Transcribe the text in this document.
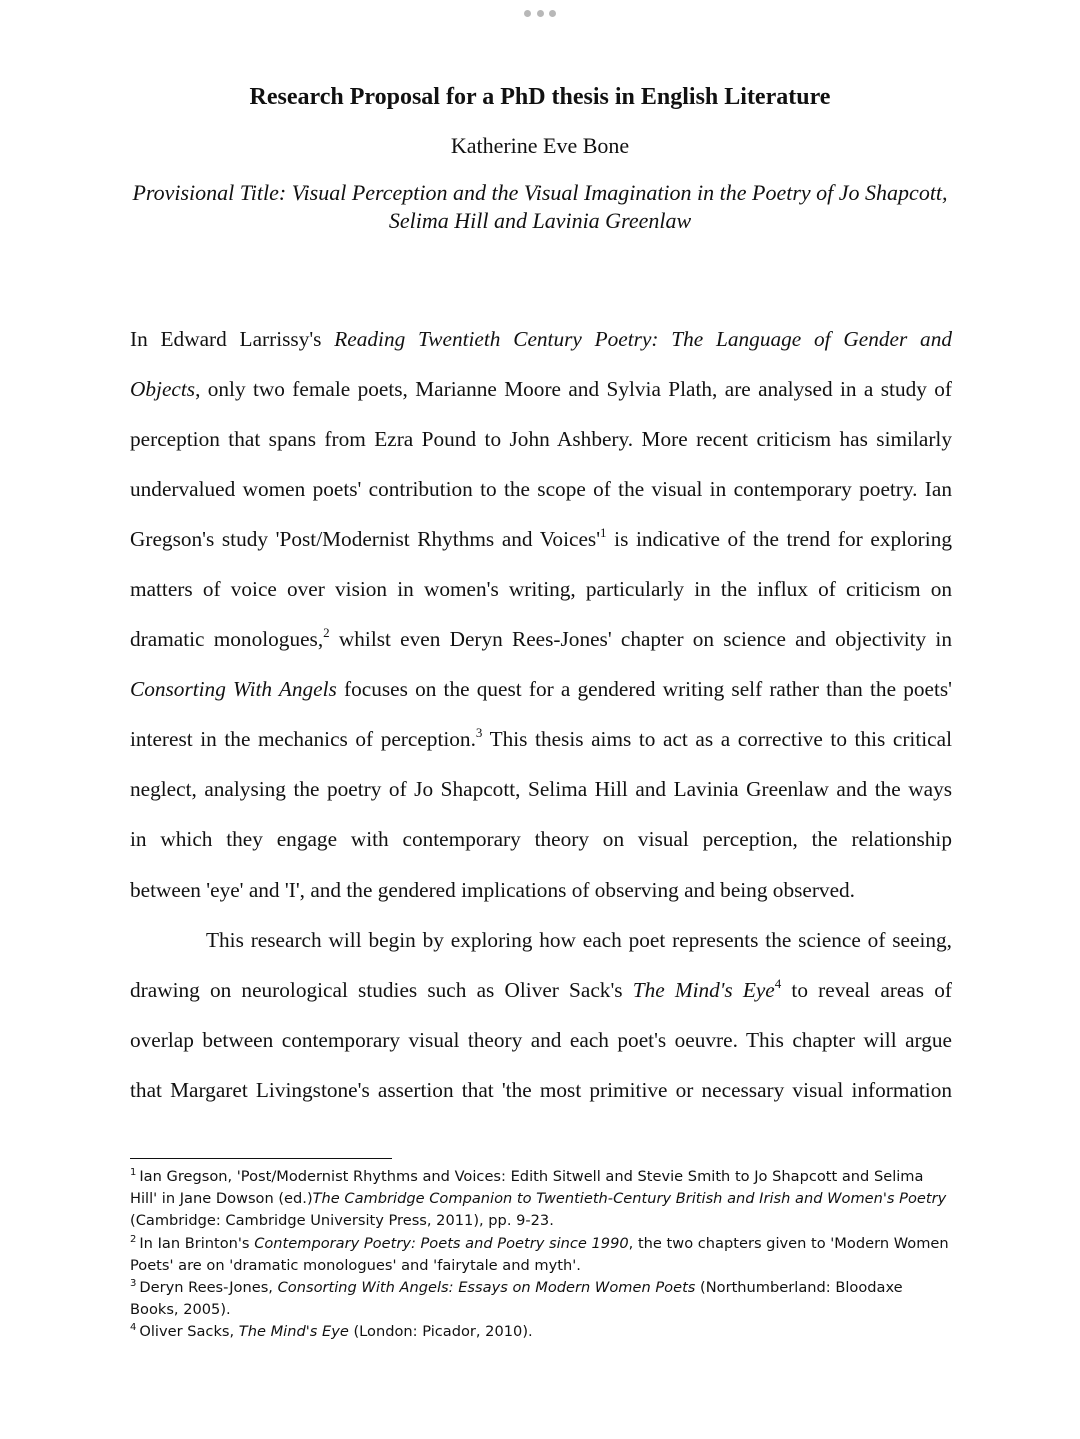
Research Proposal for a PhD thesis in English Literature
Katherine Eve Bone
Provisional Title: Visual Perception and the Visual Imagination in the Poetry of Jo Shapcott,
Selima Hill and Lavinia Greenlaw
In Edward Larrissy's Reading Twentieth Century Poetry: The Language of Gender and
Objects, only two female poets, Marianne Moore and Sylvia Plath, are analysed in a study of
perception that spans from Ezra Pound to John Ashbery. More recent criticism has similarly
undervalued women poets' contribution to the scope of the visual in contemporary poetry. Ian
Gregson's study 'Post/Modernist Rhythms and $Voices'^1$ is indicative of the trend for exploring
matters of voice over vision in women's writing, particularly in the influx of criticism on
dramatic monologues,$^2$ whilst even Deryn Rees-Jones' chapter on science and objectivity in
Consorting With Angels focuses on the quest for a gendered writing self rather than the poets'
interest in the mechanics of perception.$^3$ This thesis aims to act as a corrective to this critical
neglect, analysing the poetry of Jo Shapcott, Selima Hill and Lavinia Greenlaw and the ways
in which they engage with contemporary theory on visual perception, the relationship
between 'eye' and 'I', and the gendered implications of observing and being observed.
This research will begin by exploring how each poet represents the science of seeing,
drawing on neurological studies such as Oliver Sack's The Mind's Eye$^4$ to reveal areas of
overlap between contemporary visual theory and each poet's oeuvre. This chapter will argue
that Margaret Livingstone's assertion that 'the most primitive or necessary visual information

$^1$ Ian Gregson, 'Post/Modernist Rhythms and Voices: Edith Sitwell and Stevie Smith to Jo Shapcott and Selima Hill' in Jane Dowson (ed.)The Cambridge Companion to Twentieth-Century British and Irish and Women's Poetry (Cambridge: Cambridge University Press, 2011), pp. 9-23.

$^2$ In Ian Brinton's Contemporary Poetry: Poets and Poetry since 1990, the two chapters given to 'Modern Women Poets' are on 'dramatic monologues' and 'fairytale and myth'.

$^3$ Deryn Rees-Jones, Consorting With Angels: Essays on Modern Women Poets (Northumberland: Bloodaxe Books, 2005).

$^4$ Oliver Sacks, The Mind's Eye (London: Picador, 2010).
